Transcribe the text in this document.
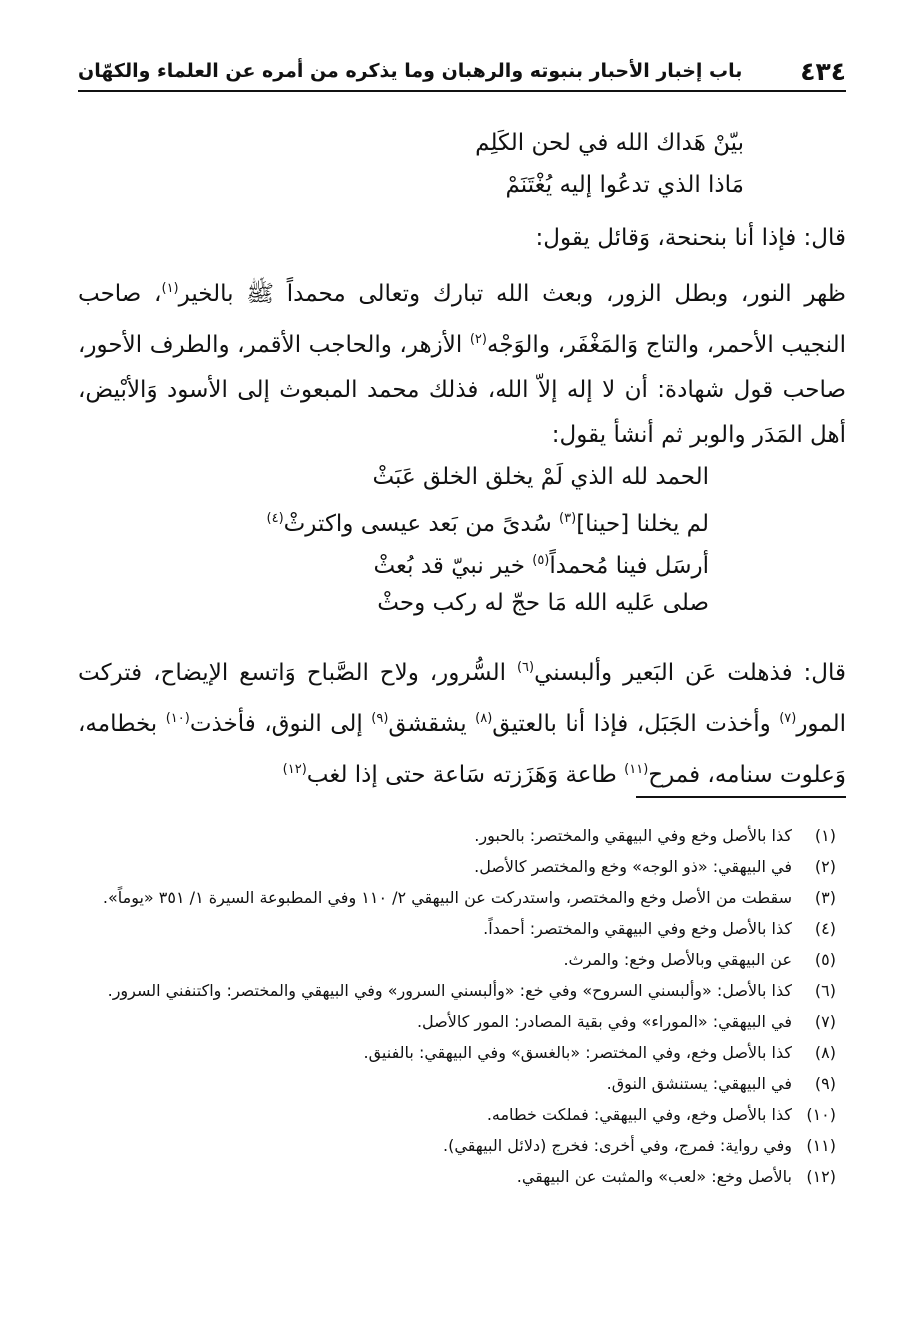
٤٣٤
باب إخبار الأحبار بنبوته والرهبان وما يذكره من أمره عن العلماء والكهّان
بيّنْ هَداك الله في لحن الكَلِم
مَاذا الذي تدعُوا إليه يُغْتَنَمْ
قال: فإذا أنا بنحنحة، وَقائل يقول:
ظهر النور، وبطل الزور، وبعث الله تبارك وتعالى محمداً ﷺ بالخير$^{(١)}$، صاحب النجيب الأحمر، والتاج وَالمَغْفَر، والوَجْه$^{(٢)}$ الأزهر، والحاجب الأقمر، والطرف الأحور، صاحب قول شهادة: أن لا إله إلاّ الله، فذلك محمد المبعوث إلى الأسود وَالأبْيض، أهل المَدَر والوبر ثم أنشأ يقول:
الحمد لله الذي لَمْ يخلق الخلق عَبَثْ
لم يخلنا [حينا]$^{(٣)}$ سُدىً من بَعد عيسى واكترثْ$^{(٤)}$
أرسَل فينا مُحمداً$^{(٥)}$ خير نبيّ قد بُعثْ
صلى عَليه الله مَا حجّ له ركب وحثْ
قال: فذهلت عَن البَعير وألبسني$^{(٦)}$ السُّرور، ولاح الصَّباح وَاتسع الإيضاح، فتركت المور$^{(٧)}$ وأخذت الجَبَل، فإذا أنا بالعتيق$^{(٨)}$ يشقشق$^{(٩)}$ إلى النوق، فأخذت$^{(١٠)}$ بخطامه، وَعلوت سنامه، فمرح$^{(١١)}$ طاعة وَهَزَزته سَاعة حتى إذا لغب$^{(١٢)}$
(١)
كذا بالأصل وخع وفي البيهقي والمختصر: بالحبور.
(٢)
في البيهقي: «ذو الوجه» وخع والمختصر كالأصل.
(٣)
سقطت من الأصل وخع والمختصر، واستدركت عن البيهقي ٢/ ١١٠ وفي المطبوعة السيرة ١/ ٣٥١ «يوماً».
(٤)
كذا بالأصل وخع وفي البيهقي والمختصر: أحمداً.
(٥)
عن البيهقي وبالأصل وخع: والمرث.
(٦)
كذا بالأصل: «وألبسني السروح» وفي خع: «وألبسني السرور» وفي البيهقي والمختصر: واكتنفني السرور.
(٧)
في البيهقي: «الموراء» وفي بقية المصادر: المور كالأصل.
(٨)
كذا بالأصل وخع، وفي المختصر: «بالغسق» وفي البيهقي: بالفنيق.
(٩)
في البيهقي: يستنشق النوق.
(١٠)
كذا بالأصل وخع، وفي البيهقي: فملكت خطامه.
(١١)
وفي رواية: فمرج، وفي أخرى: فخرج (دلائل البيهقي).
(١٢)
بالأصل وخع: «لعب» والمثبت عن البيهقي.
